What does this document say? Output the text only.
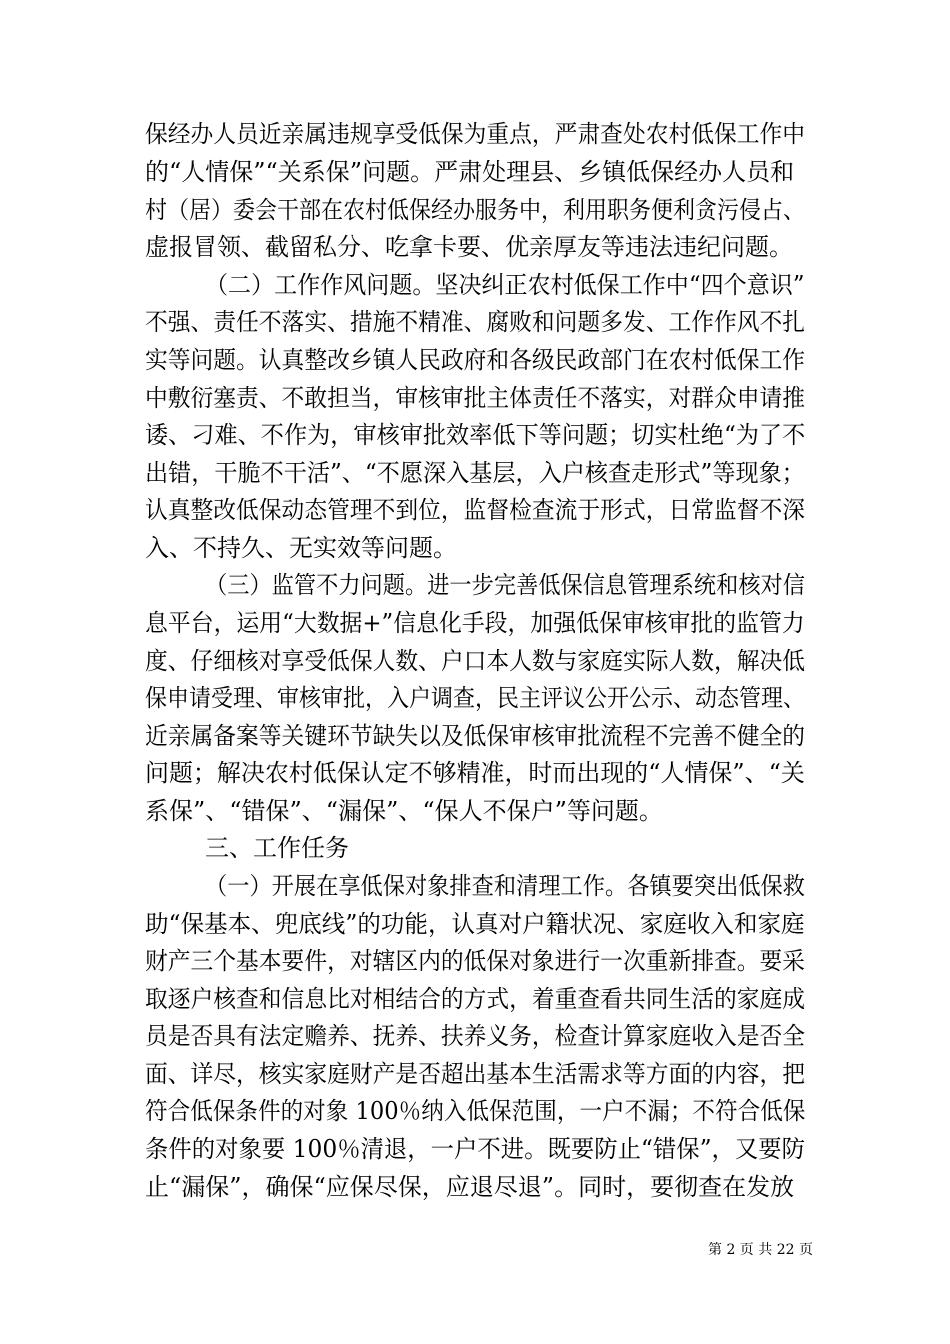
保经办人员近亲属违规享受低保为重点，严肃查处农村低保工作中
的“人情保”“关系保”问题。严肃处理县、乡镇低保经办人员和
村（居）委会干部在农村低保经办服务中，利用职务便利贪污侵占、
虚报冒领、截留私分、吃拿卡要、优亲厚友等违法违纪问题。
（二）工作作风问题。坚决纠正农村低保工作中“四个意识”
不强、责任不落实、措施不精准、腐败和问题多发、工作作风不扎
实等问题。认真整改乡镇人民政府和各级民政部门在农村低保工作
中敷衍塞责、不敢担当，审核审批主体责任不落实，对群众申请推
诿、刁难、不作为，审核审批效率低下等问题；切实杜绝“为了不
出错，干脆不干活”、“不愿深入基层，入户核查走形式”等现象；
认真整改低保动态管理不到位，监督检查流于形式，日常监督不深
入、不持久、无实效等问题。
（三）监管不力问题。进一步完善低保信息管理系统和核对信
息平台，运用“大数据+”信息化手段，加强低保审核审批的监管力
度、仔细核对享受低保人数、户口本人数与家庭实际人数，解决低
保申请受理、审核审批，入户调查，民主评议公开公示、动态管理、
近亲属备案等关键环节缺失以及低保审核审批流程不完善不健全的
问题；解决农村低保认定不够精准，时而出现的“人情保”、“关
系保”、“错保”、“漏保”、“保人不保户”等问题。
三、工作任务
（一）开展在享低保对象排查和清理工作。各镇要突出低保救
助“保基本、兜底线”的功能，认真对户籍状况、家庭收入和家庭
财产三个基本要件，对辖区内的低保对象进行一次重新排查。要采
取逐户核查和信息比对相结合的方式，着重查看共同生活的家庭成
员是否具有法定赡养、抚养、扶养义务，检查计算家庭收入是否全
面、详尽，核实家庭财产是否超出基本生活需求等方面的内容，把
符合低保条件的对象 100％纳入低保范围，一户不漏；不符合低保
条件的对象要 100％清退，一户不进。既要防止“错保”，又要防
止“漏保”，确保“应保尽保，应退尽退”。同时，要彻查在发放
第 2 页 共 22 页
